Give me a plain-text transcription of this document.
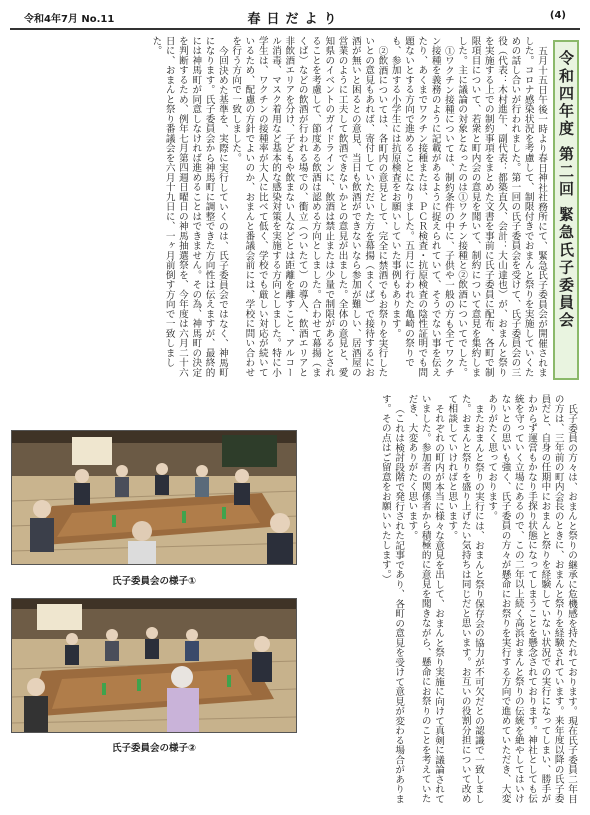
令和4年7月 No.11	春日だより	(4)
令和四年度 第二回 緊急氏子委員会

五月十五日午後一時より春日神社社務所にて、緊急氏子委員会が開催されました。コロナ感染状況を考慮して、制限付きでおまんと祭りを実施していくための話し合いが行われました。第一回の氏子委員会を受けて、氏子委員会の三役（代表：木村進午、副代表：都築直久、会計：大山達也）が、おまんと祭りを実施する上での制約事項をまとめた文書を事前に氏子委員に配布、各町で制限項目について、若衆と町内会の意見を聞いて、制約について意見を集約しました。主に議論の対象となったのは①ワクチン接種と②飲酒についてでした。

①ワクチン接種については、制約条件の中に、子供や一般の方も全てワクチン接種を義務のように記載があるように捉えられていて、そうでない事を伝えたり、あくまでワクチン接種または、ＰＣＲ検査・抗原検査の陰性証明でも問題ないとする方向で進めることになりました。五月に行われた亀崎の祭りでも、参加する小学生には抗原検査をお願いしていた事例もあります。

②飲酒については、各町内の意見として、完全に禁酒でもお祭りを実行したいとの意見もあれば、寄付していただいた方を幕揚（まくば）で接待するにお酒が無いと困るとの意見、当日も飲酒ができないなら参加が難しい、居酒屋の営業のように工夫して飲酒できないかとの意見が出ました。全体の意見と、愛知県のイベントのガイドラインに、飲酒は禁止または少量で制限があるとされることを考慮して、節度ある飲酒は認める方向としました。合わせて幕揚（まくば）などの飲酒が行われる場での、衝立（ついたて）の導入、飲酒エリアと非飲酒エリアを分け、子どもや飲まない人などとは距離を離すこと、アルコール消毒、マスク着用など基本的な感染対策を実施する方向としました。特に小学生は、ワクチンの接種率が大人に比べて低く、学校でも厳しい対応が続いているため、配慮の方針でよいのか、おまんと番議会前には、学校に問い合わせを行う方向で一致しました。

今回決めた基準を、実際に実行していくのは、氏子委員会ではなく、神馬町になります。氏子委員会から神馬町に調整できた方向性は伝えますが、最終的には神馬町が同意しなければ進めることはできません。その為、神馬町の決定を判断するため、例年七月第四週日曜日の神馬抽選祭を、今年度は六月二十六日に、おまんと祭り番議会を六月十九日に、一ヶ月前倒す方向で一致しました。

氏子委員の方々は、おまんと祭りの継承に危機感を持たれております。現在氏子委員二年目の方は、三年前の町内会長のときに、おまんと祭りを経験されています。来年度以降の氏子委員だと、自身の任期中におまんと祭りを経験していない状況での実行になってしまい、勝手がわからず運営もかなり手探り状態になってしまうことを懸念されております。神社としても伝統を守っていく立場にあるので、この二年以上続く高浜おまんと祭りの伝統を絶やしてはいけないとの思いも強く、氏子委員の方々が懸命にお祭りを実行する方向で進めていただき、大変ありがたく思っております。

またおまんと祭りの実行には、おまんと祭り保存会の協力が不可欠だとの認識で一致しました。おまんと祭りを盛り上げたい気持ちは同じだと思います。お互いの役割分担について改めて相談していければと思います。

それぞれの町内が本当に様々な意見を出して、おまんと祭り実施に向けて真剣に議論されていました。参加者の関係者から積極的に意見を聞きながら、懸命にお祭りのことを考えていただき、大変ありがたく思います。

（これは検討段階で発行された記事であり、各町の意見を受けて意見が変わる場合があります。その点はご留意をお願いいたします。）

氏子委員会の様子①
氏子委員会の様子②
